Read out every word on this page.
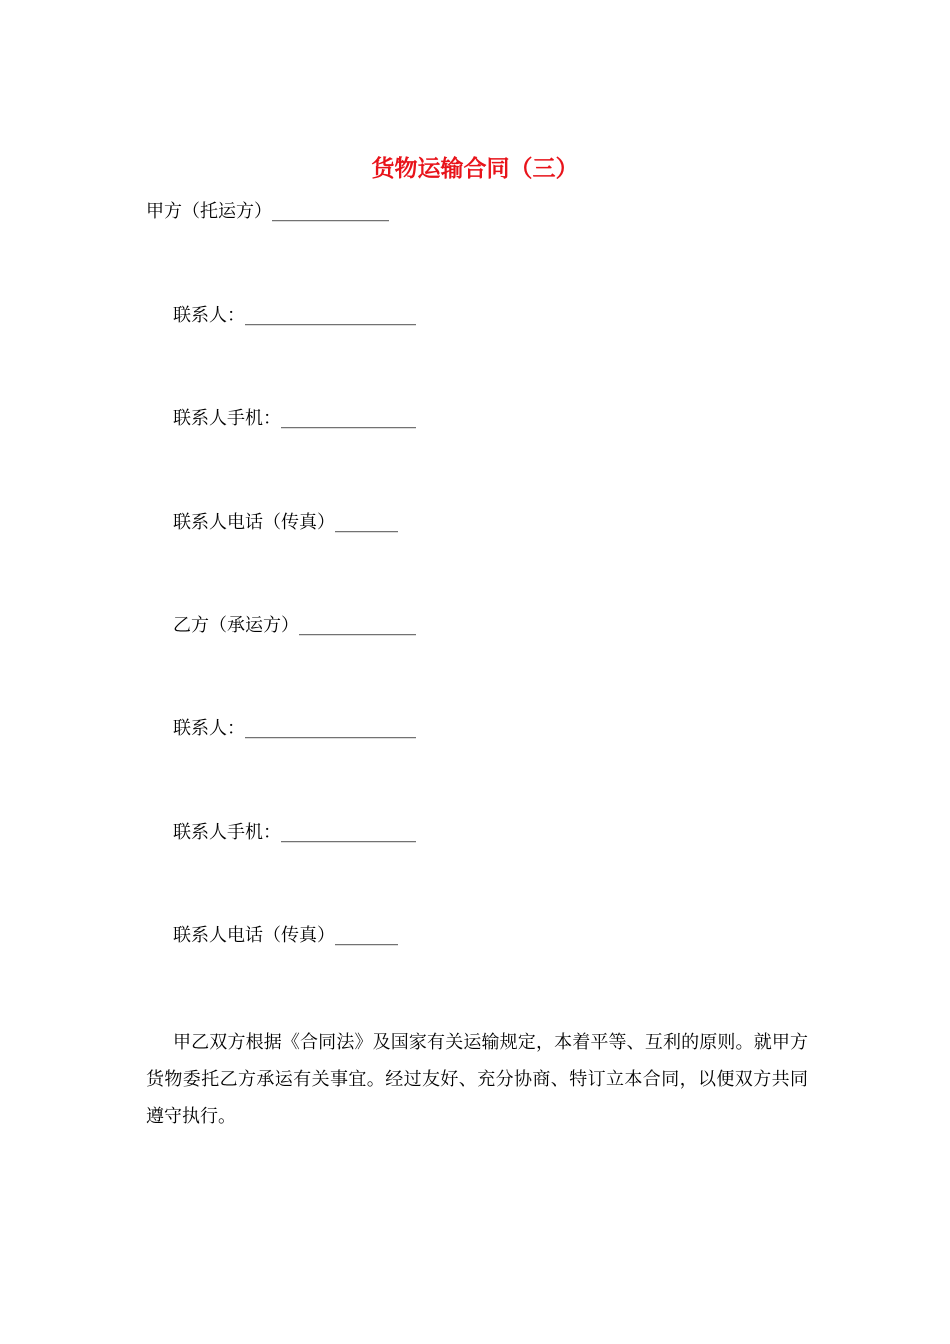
货物运输合同（三）
甲方（托运方）_____________
联系人：___________________
联系人手机：_______________
联系人电话（传真）_______
乙方（承运方）_____________
联系人：___________________
联系人手机：_______________
联系人电话（传真）_______
甲乙双方根据《合同法》及国家有关运输规定，本着平等、互利的原则。就甲方货物委托乙方承运有关事宜。经过友好、充分协商、特订立本合同，以便双方共同遵守执行。
